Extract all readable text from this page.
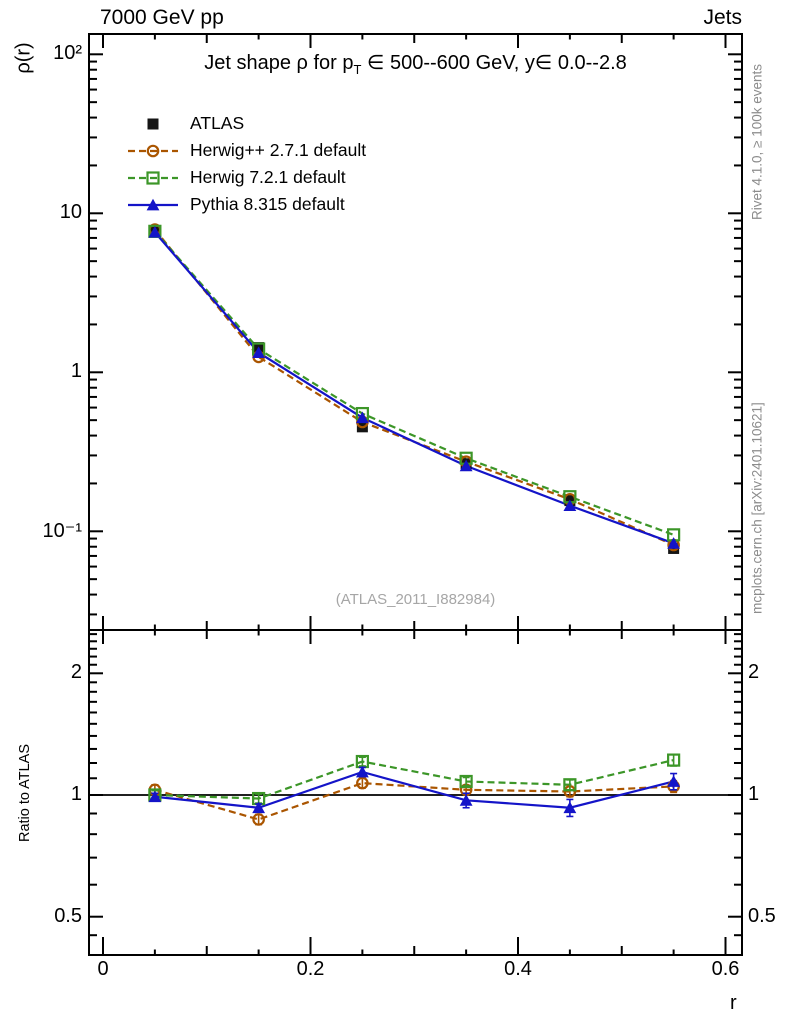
(ATLAS_2011_I882984)
7000 GeV pp	Jets
Jet shape ρ for $p_T$ ∈ 500--600 GeV, y∈ 0.0--2.8
ρ(r)
Ratio to ATLAS
Rivet 4.1.0, ≥ 100k events
mcplots.cern.ch [arXiv:2401.10621]
r
10²
10
1
10⁻¹
2
1
0.5
2
1
0.5
0	0.2	0.4	0.6
ATLAS
Herwig++ 2.7.1 default
Herwig 7.2.1 default
Pythia 8.315 default
